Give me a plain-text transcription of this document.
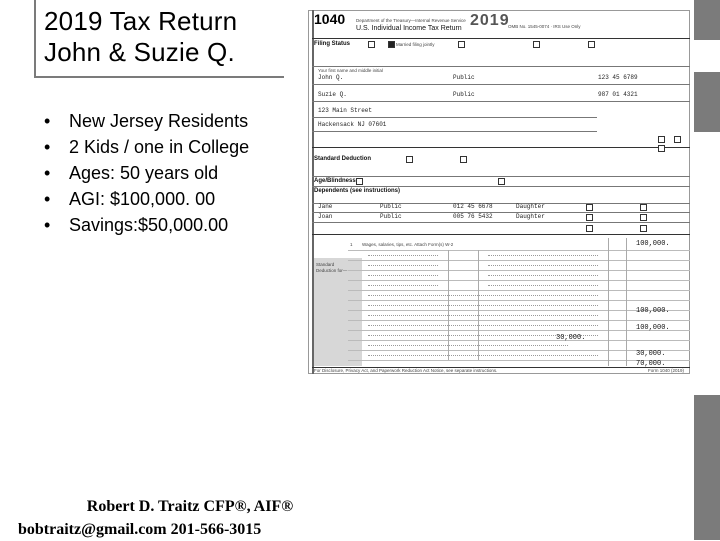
2019 Tax Return
John & Suzie Q.
• New Jersey Residents
• 2 Kids / one in College
• Ages: 50 years old
• AGI: $100,000. 00
• Savings:$50,000.00
1040
U.S. Individual Income Tax Return 2019
Department of the Treasury—Internal Revenue Service
OMB No. 1545-0074 · IRS Use Only
Filing Status	Married filing jointly
Your first name and middle initial
John Q.	Public	123 45 6789
Suzie Q.	Public	987 01 4321
123 Main Street
Hackensack NJ 07601
Standard Deduction
Age/Blindness
Dependents (see instructions)
Jane	Public	012 45 6678	Daughter
Joan	Public	005 76 5432	Daughter
Standard
Deduction for—
1 Wages, salaries, tips, etc. Attach Form(s) W-2	100,000.
100,000.
100,000.
30,000.
30,000.
70,000.
For Disclosure, Privacy Act, and Paperwork Reduction Act Notice, see separate instructions.	Form 1040 (2019)
Robert D. Traitz CFP®, AIF®
bobtraitz@gmail.com 201-566-3015
